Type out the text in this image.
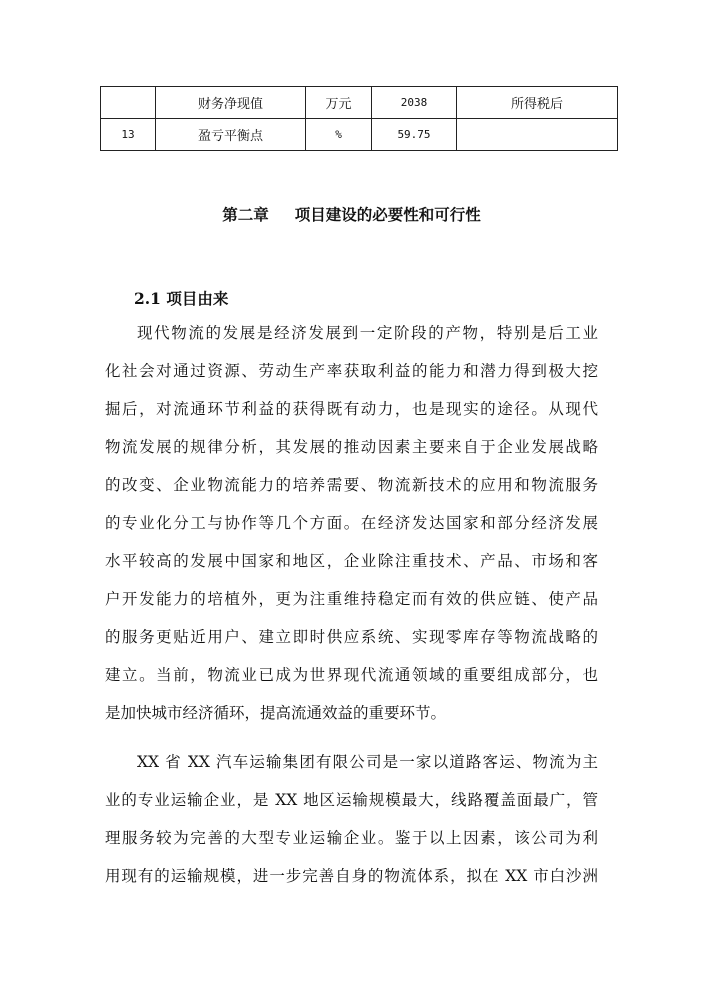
	财务净现值	万元	2038	所得税后
13	盈亏平衡点	%	59.75	
第二章 项目建设的必要性和可行性
2.1 项目由来
现代物流的发展是经济发展到一定阶段的产物，特别是后工业
化社会对通过资源、劳动生产率获取利益的能力和潜力得到极大挖
掘后，对流通环节利益的获得既有动力，也是现实的途径。从现代
物流发展的规律分析，其发展的推动因素主要来自于企业发展战略
的改变、企业物流能力的培养需要、物流新技术的应用和物流服务
的专业化分工与协作等几个方面。在经济发达国家和部分经济发展
水平较高的发展中国家和地区，企业除注重技术、产品、市场和客
户开发能力的培植外，更为注重维持稳定而有效的供应链、使产品
的服务更贴近用户、建立即时供应系统、实现零库存等物流战略的
建立。当前，物流业已成为世界现代流通领域的重要组成部分，也
是加快城市经济循环，提高流通效益的重要环节。
XX 省 XX 汽车运输集团有限公司是一家以道路客运、物流为主
业的专业运输企业，是 XX 地区运输规模最大，线路覆盖面最广，管
理服务较为完善的大型专业运输企业。鉴于以上因素，该公司为利
用现有的运输规模，进一步完善自身的物流体系，拟在 XX 市白沙洲
